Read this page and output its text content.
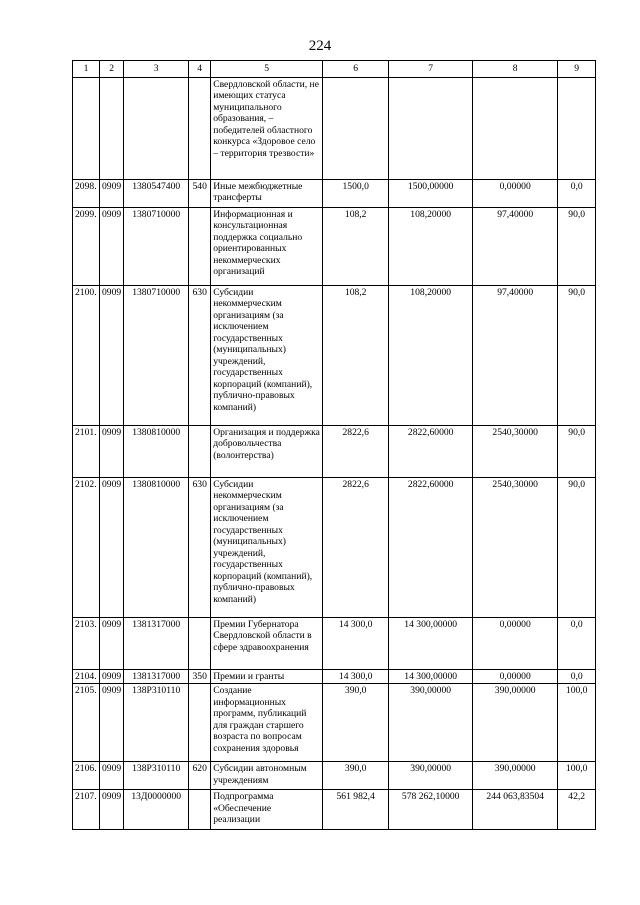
224
1	2	3	4	5	6	7	8	9
				Свердловской области, не имеющих статуса муниципального образования, – победителей областного конкурса «Здоровое село – территория трезвости»				
2098.	0909	1380547400	540	Иные межбюджетные трансферты	1500,0	1500,00000	0,00000	0,0
2099.	0909	1380710000		Информационная и консультационная поддержка социально ориентированных некоммерческих организаций	108,2	108,20000	97,40000	90,0
2100.	0909	1380710000	630	Субсидии некоммерческим организациям (за исключением государственных (муниципальных) учреждений, государственных корпораций (компаний), публично-правовых компаний)	108,2	108,20000	97,40000	90,0
2101.	0909	1380810000		Организация и поддержка добровольчества (волонтерства)	2822,6	2822,60000	2540,30000	90,0
2102.	0909	1380810000	630	Субсидии некоммерческим организациям (за исключением государственных (муниципальных) учреждений, государственных корпораций (компаний), публично-правовых компаний)	2822,6	2822,60000	2540,30000	90,0
2103.	0909	1381317000		Премии Губернатора Свердловской области в сфере здравоохранения	14 300,0	14 300,00000	0,00000	0,0
2104.	0909	1381317000	350	Премии и гранты	14 300,0	14 300,00000	0,00000	0,0
2105.	0909	138P310110		Создание информационных программ, публикаций для граждан старшего возраста по вопросам сохранения здоровья	390,0	390,00000	390,00000	100,0
2106.	0909	138P310110	620	Субсидии автономным учреждениям	390,0	390,00000	390,00000	100,0
2107.	0909	13Д0000000		Подпрограмма «Обеспечение реализации	561 982,4	578 262,10000	244 063,83504	42,2
